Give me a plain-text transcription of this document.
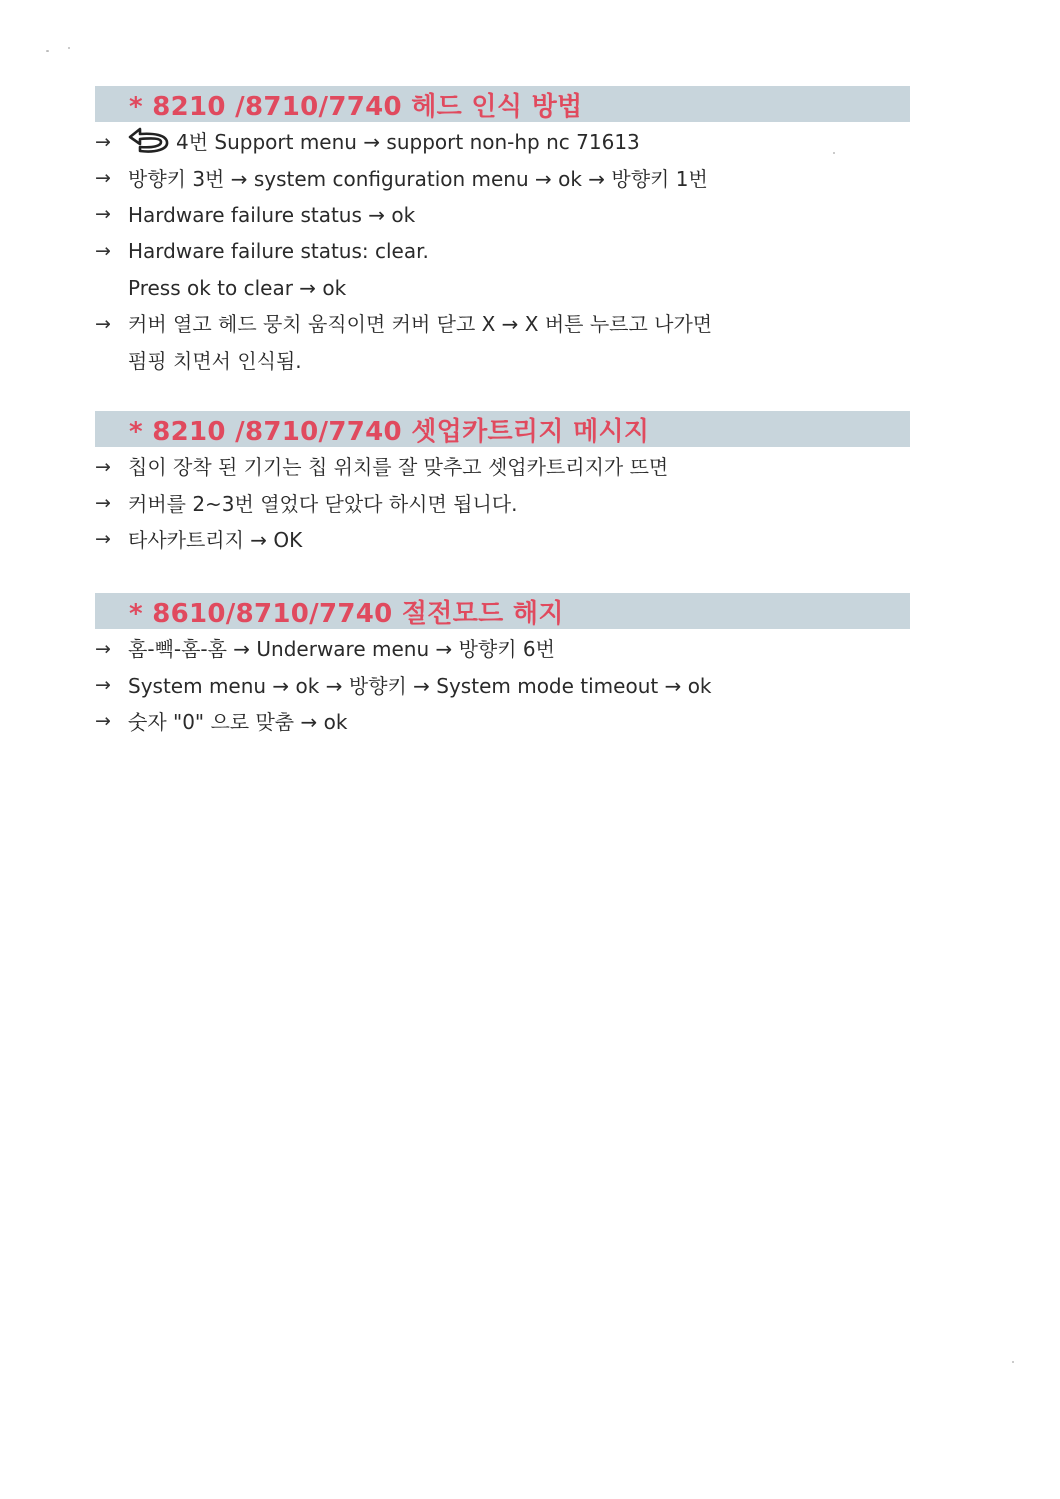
* 8210 /8710/7740 헤드 인식 방법
→	4번 Support menu → support non-hp nc 71613
→ 방향키 3번 → system configuration menu → ok → 방향키 1번
→ Hardware failure status → ok
→ Hardware failure status: clear.
Press ok to clear → ok
→ 커버 열고 헤드 뭉치 움직이면 커버 닫고 X → X 버튼 누르고 나가면
펌핑 치면서 인식됨.
* 8210 /8710/7740 셋업카트리지 메시지
→ 칩이 장착 된 기기는 칩 위치를 잘 맞추고 셋업카트리지가 뜨면
→ 커버를 2~3번 열었다 닫았다 하시면 됩니다.
→ 타사카트리지 → OK
* 8610/8710/7740 절전모드 해지
→ 홈-빽-홈-홈 → Underware menu → 방향키 6번
→ System menu → ok → 방향키 → System mode timeout → ok
→ 숫자 "0" 으로 맞춤 → ok
